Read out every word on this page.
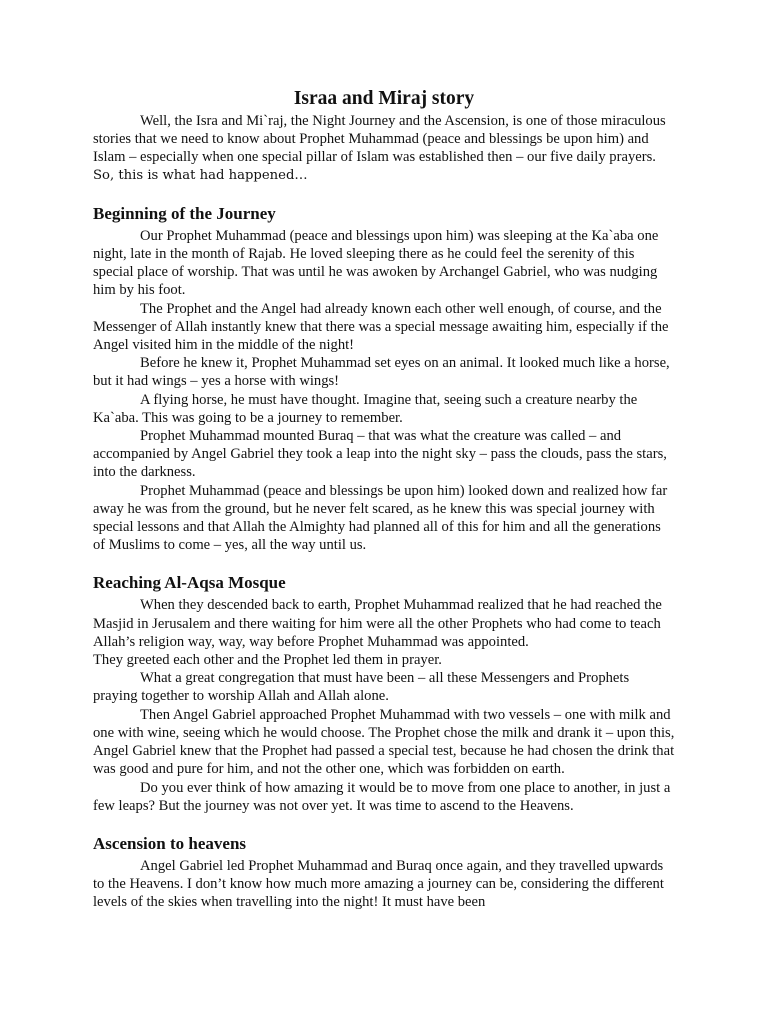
Israa and Miraj story

Well, the Isra and Mi`raj, the Night Journey and the Ascension, is one of those miraculous stories that we need to know about Prophet Muhammad (peace and blessings be upon him) and Islam – especially when one special pillar of Islam was established then – our five daily prayers.

So, this is what had happened…

Beginning of the Journey

Our Prophet Muhammad (peace and blessings upon him) was sleeping at the Ka`aba one night, late in the month of Rajab. He loved sleeping there as he could feel the serenity of this special place of worship. That was until he was awoken by Archangel Gabriel, who was nudging him by his foot.

The Prophet and the Angel had already known each other well enough, of course, and the Messenger of Allah instantly knew that there was a special message awaiting him, especially if the Angel visited him in the middle of the night!

Before he knew it, Prophet Muhammad set eyes on an animal. It looked much like a horse, but it had wings – yes a horse with wings!

A flying horse, he must have thought. Imagine that, seeing such a creature nearby the Ka`aba. This was going to be a journey to remember.

Prophet Muhammad mounted Buraq – that was what the creature was called – and accompanied by Angel Gabriel they took a leap into the night sky – pass the clouds, pass the stars, into the darkness.

Prophet Muhammad (peace and blessings be upon him) looked down and realized how far away he was from the ground, but he never felt scared, as he knew this was special journey with special lessons and that Allah the Almighty had planned all of this for him and all the generations of Muslims to come – yes, all the way until us.

Reaching Al-Aqsa Mosque

When they descended back to earth, Prophet Muhammad realized that he had reached the Masjid in Jerusalem and there waiting for him were all the other Prophets who had come to teach Allah’s religion way, way, way before Prophet Muhammad was appointed.

They greeted each other and the Prophet led them in prayer.

What a great congregation that must have been – all these Messengers and Prophets praying together to worship Allah and Allah alone.

Then Angel Gabriel approached Prophet Muhammad with two vessels – one with milk and one with wine, seeing which he would choose. The Prophet chose the milk and drank it – upon this, Angel Gabriel knew that the Prophet had passed a special test, because he had chosen the drink that was good and pure for him, and not the other one, which was forbidden on earth.

Do you ever think of how amazing it would be to move from one place to another, in just a few leaps? But the journey was not over yet. It was time to ascend to the Heavens.

Ascension to heavens

Angel Gabriel led Prophet Muhammad and Buraq once again, and they travelled upwards to the Heavens. I don’t know how much more amazing a journey can be, considering the different levels of the skies when travelling into the night! It must have been
